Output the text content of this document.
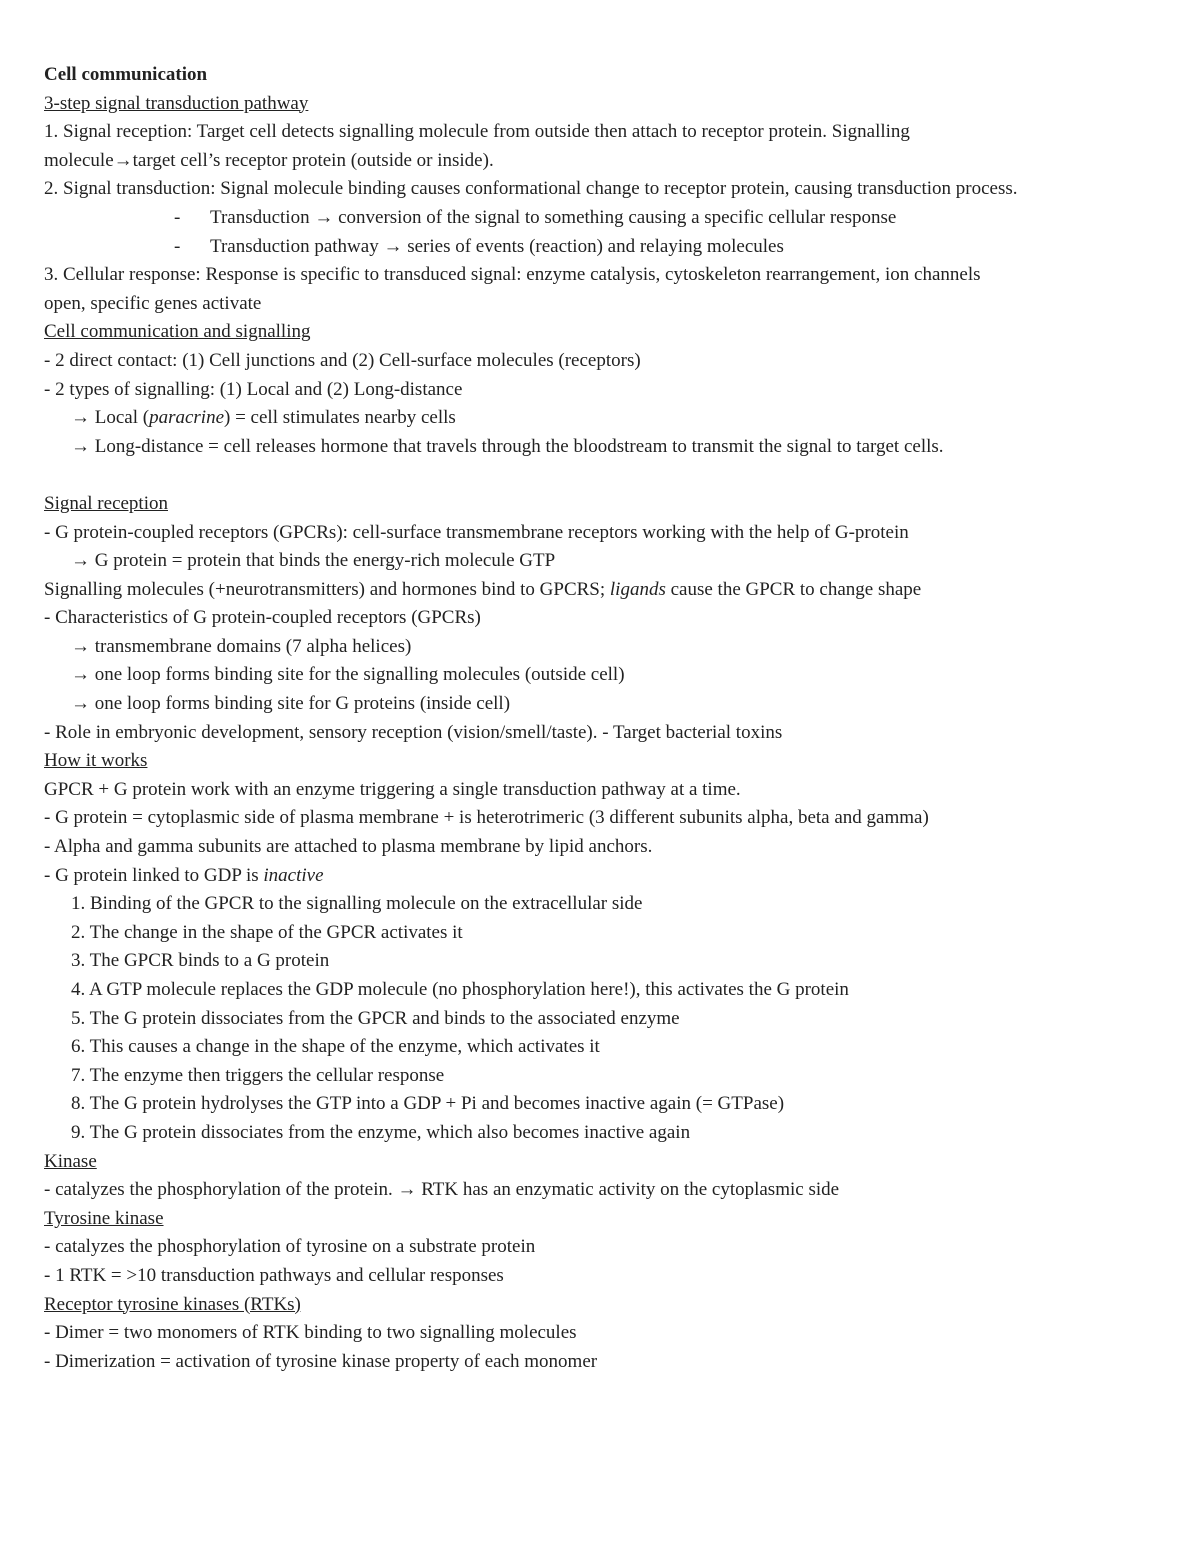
Cell communication
3-step signal transduction pathway
1. Signal reception: Target cell detects signalling molecule from outside then attach to receptor protein. Signalling
molecule→target cell’s receptor protein (outside or inside).
2. Signal transduction: Signal molecule binding causes conformational change to receptor protein, causing transduction process.
-	Transduction → conversion of the signal to something causing a specific cellular response
-	Transduction pathway → series of events (reaction) and relaying molecules
3. Cellular response: Response is specific to transduced signal: enzyme catalysis, cytoskeleton rearrangement, ion channels
open, specific genes activate
Cell communication and signalling
- 2 direct contact: (1) Cell junctions and (2) Cell-surface molecules (receptors)
- 2 types of signalling: (1) Local and (2) Long-distance
→ Local (paracrine) = cell stimulates nearby cells
→ Long-distance = cell releases hormone that travels through the bloodstream to transmit the signal to target cells.
Signal reception
- G protein-coupled receptors (GPCRs): cell-surface transmembrane receptors working with the help of G-protein
→ G protein = protein that binds the energy-rich molecule GTP
Signalling molecules (+neurotransmitters) and hormones bind to GPCRS; ligands cause the GPCR to change shape
- Characteristics of G protein-coupled receptors (GPCRs)
→ transmembrane domains (7 alpha helices)
→ one loop forms binding site for the signalling molecules (outside cell)
→ one loop forms binding site for G proteins (inside cell)
- Role in embryonic development, sensory reception (vision/smell/taste). - Target bacterial toxins
How it works
GPCR + G protein work with an enzyme triggering a single transduction pathway at a time.
- G protein = cytoplasmic side of plasma membrane + is heterotrimeric (3 different subunits alpha, beta and gamma)
- Alpha and gamma subunits are attached to plasma membrane by lipid anchors.
- G protein linked to GDP is inactive
1. Binding of the GPCR to the signalling molecule on the extracellular side
2. The change in the shape of the GPCR activates it
3. The GPCR binds to a G protein
4. A GTP molecule replaces the GDP molecule (no phosphorylation here!), this activates the G protein
5. The G protein dissociates from the GPCR and binds to the associated enzyme
6. This causes a change in the shape of the enzyme, which activates it
7. The enzyme then triggers the cellular response
8. The G protein hydrolyses the GTP into a GDP + Pi and becomes inactive again (= GTPase)
9. The G protein dissociates from the enzyme, which also becomes inactive again
Kinase
- catalyzes the phosphorylation of the protein. → RTK has an enzymatic activity on the cytoplasmic side
Tyrosine kinase
- catalyzes the phosphorylation of tyrosine on a substrate protein
- 1 RTK = >10 transduction pathways and cellular responses
Receptor tyrosine kinases (RTKs)
- Dimer = two monomers of RTK binding to two signalling molecules
- Dimerization = activation of tyrosine kinase property of each monomer
